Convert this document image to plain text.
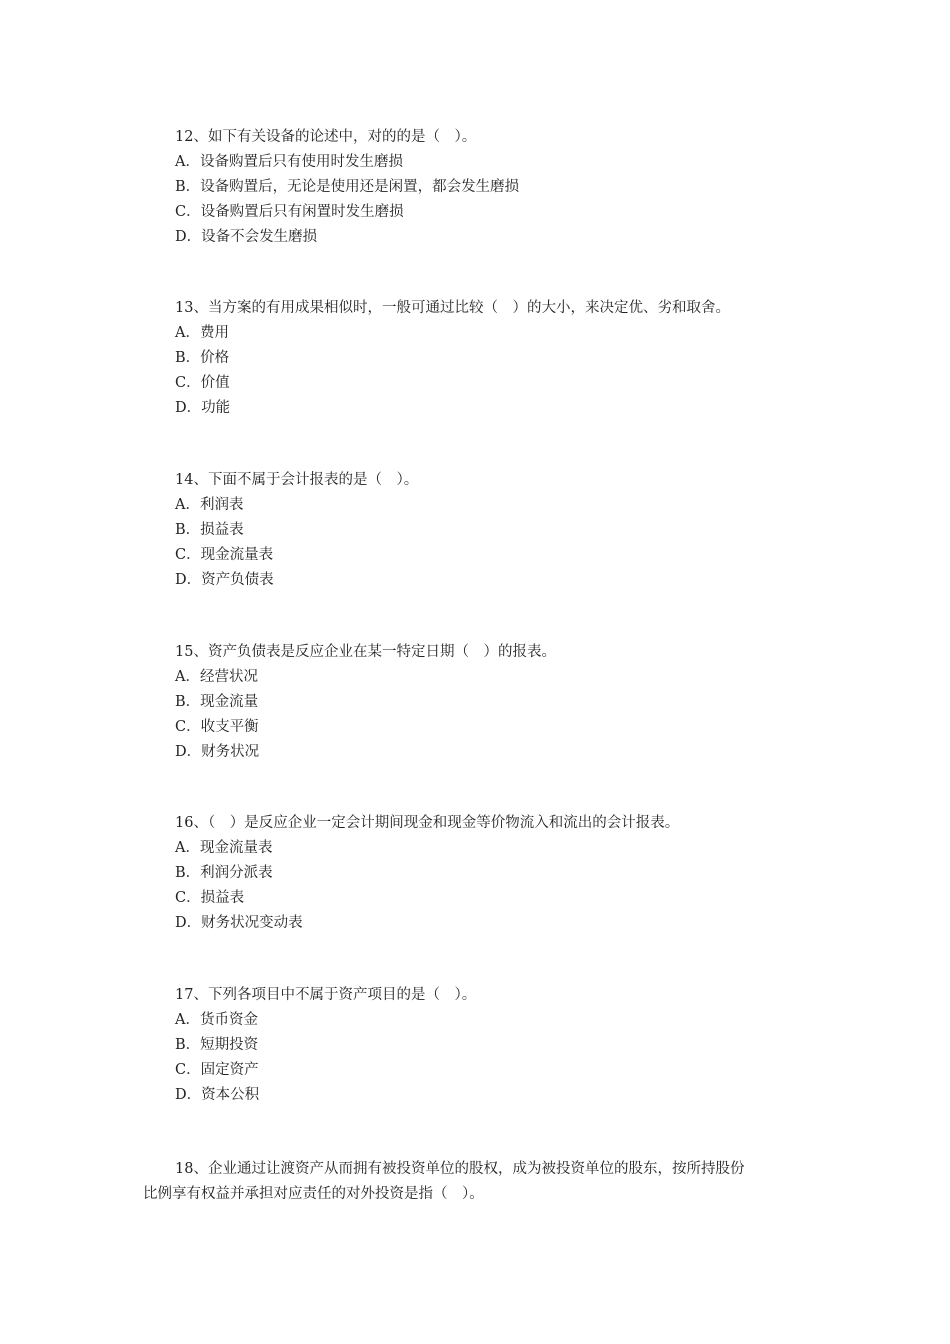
12、如下有关设备的论述中，对的的是（　）。
A．设备购置后只有使用时发生磨损
B．设备购置后，无论是使用还是闲置，都会发生磨损
C．设备购置后只有闲置时发生磨损
D．设备不会发生磨损
13、当方案的有用成果相似时，一般可通过比较（　）的大小，来决定优、劣和取舍。
A．费用
B．价格
C．价值
D．功能
14、下面不属于会计报表的是（　）。
A．利润表
B．损益表
C．现金流量表
D．资产负债表
15、资产负债表是反应企业在某一特定日期（　）的报表。
A．经营状况
B．现金流量
C．收支平衡
D．财务状况
16、（　）是反应企业一定会计期间现金和现金等价物流入和流出的会计报表。
A．现金流量表
B．利润分派表
C．损益表
D．财务状况变动表
17、下列各项目中不属于资产项目的是（　）。
A．货币资金
B．短期投资
C．固定资产
D．资本公积
18、企业通过让渡资产从而拥有被投资单位的股权，成为被投资单位的股东，按所持股份
比例享有权益并承担对应责任的对外投资是指（　）。
